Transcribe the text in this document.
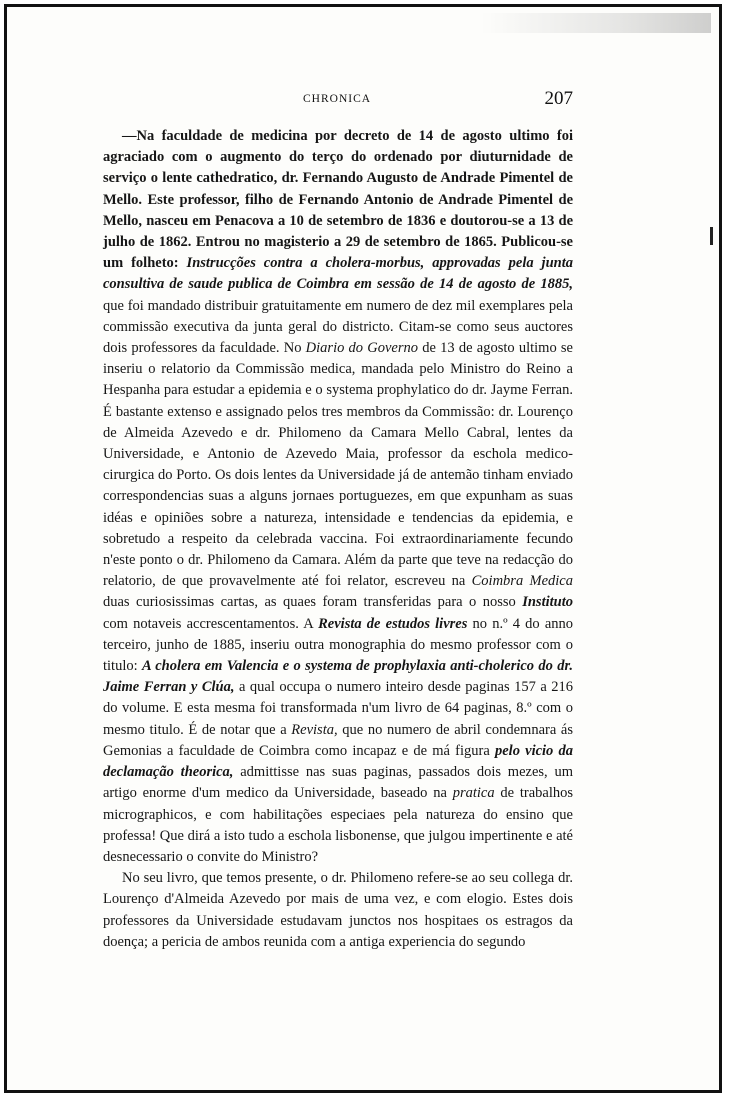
CHRONICA	207

—Na faculdade de medicina por decreto de 14 de agosto ultimo foi agraciado com o augmento do terço do ordenado por diuturnidade de serviço o lente cathedratico, dr. Fernando Augusto de Andrade Pimentel de Mello. Este professor, filho de Fernando Antonio de Andrade Pimentel de Mello, nasceu em Penacova a 10 de setembro de 1836 e doutorou-se a 13 de julho de 1862. Entrou no magisterio a 29 de setembro de 1865. Publicou-se um folheto: Instrucções contra a cholera-morbus, approvadas pela junta consultiva de saude publica de Coimbra em sessão de 14 de agosto de 1885, que foi mandado distribuir gratuitamente em numero de dez mil exemplares pela commissão executiva da junta geral do districto. Citam-se como seus auctores dois professores da faculdade. No Diario do Governo de 13 de agosto ultimo se inseriu o relatorio da Commissão medica, mandada pelo Ministro do Reino a Hespanha para estudar a epidemia e o systema prophylatico do dr. Jayme Ferran. É bastante extenso e assignado pelos tres membros da Commissão: dr. Lourenço de Almeida Azevedo e dr. Philomeno da Camara Mello Cabral, lentes da Universidade, e Antonio de Azevedo Maia, professor da eschola medico-cirurgica do Porto. Os dois lentes da Universidade já de antemão tinham enviado correspondencias suas a alguns jornaes portuguezes, em que expunham as suas idéas e opiniões sobre a natureza, intensidade e tendencias da epidemia, e sobretudo a respeito da celebrada vaccina. Foi extraordinariamente fecundo n'este ponto o dr. Philomeno da Camara. Além da parte que teve na redacção do relatorio, de que provavelmente até foi relator, escreveu na Coimbra Medica duas curiosissimas cartas, as quaes foram transferidas para o nosso Instituto com notaveis accrescentamentos. A Revista de estudos livres no n.º 4 do anno terceiro, junho de 1885, inseriu outra monographia do mesmo professor com o titulo: A cholera em Valencia e o systema de prophylaxia anti-cholerico do dr. Jaime Ferran y Clúa, a qual occupa o numero inteiro desde paginas 157 a 216 do volume. E esta mesma foi transformada n'um livro de 64 paginas, 8.º com o mesmo titulo. É de notar que a Revista, que no numero de abril condemnara ás Gemonias a faculdade de Coimbra como incapaz e de má figura pelo vicio da declamação theorica, admittisse nas suas paginas, passados dois mezes, um artigo enorme d'um medico da Universidade, baseado na pratica de trabalhos micrographicos, e com habilitações especiaes pela natureza do ensino que professa! Que dirá a isto tudo a eschola lisbonense, que julgou impertinente e até desnecessario o convite do Ministro?

No seu livro, que temos presente, o dr. Philomeno refere-se ao seu collega dr. Lourenço d'Almeida Azevedo por mais de uma vez, e com elogio. Estes dois professores da Universidade estudavam junctos nos hospitaes os estragos da doença; a pericia de ambos reunida com a antiga experiencia do segundo
